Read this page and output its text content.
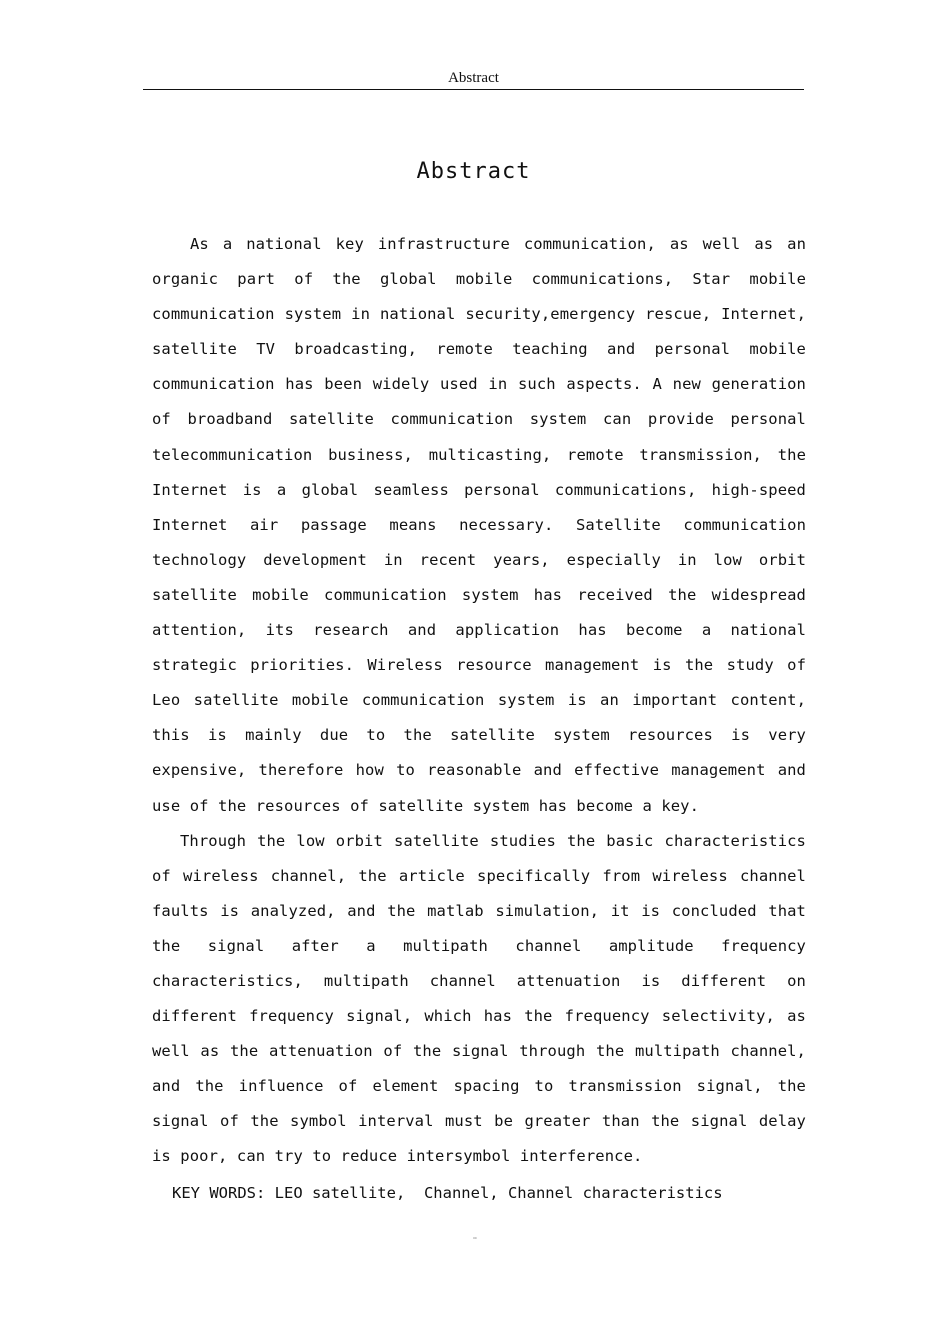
Abstract
Abstract

As a national key infrastructure communication, as well as an organic part of the global mobile communications, Star mobile communication system in national security,emergency rescue, Internet, satellite TV broadcasting, remote teaching and personal mobile communication has been widely used in such aspects. A new generation of broadband satellite communication system can provide personal telecommunication business, multicasting, remote transmission, the Internet is a global seamless personal communications, high-speed Internet air passage means necessary. Satellite communication technology development in recent years, especially in low orbit satellite mobile communication system has received the widespread attention, its research and application has become a national strategic priorities. Wireless resource management is the study of Leo satellite mobile communication system is an important content, this is mainly due to the satellite system resources is very expensive, therefore how to reasonable and effective management and use of the resources of satellite system has become a key.

Through the low orbit satellite studies the basic characteristics of wireless channel, the article specifically from wireless channel faults is analyzed, and the matlab simulation, it is concluded that the signal after a multipath channel amplitude frequency characteristics, multipath channel attenuation is different on different frequency signal, which has the frequency selectivity, as well as the attenuation of the signal through the multipath channel, and the influence of element spacing to transmission signal, the signal of the symbol interval must be greater than the signal delay is poor, can try to reduce intersymbol interference.

KEY WORDS: LEO satellite,  Channel, Channel characteristics
¨
